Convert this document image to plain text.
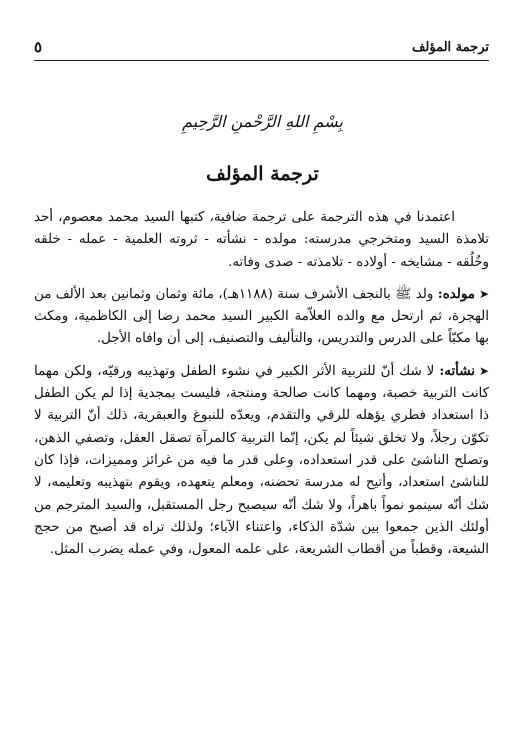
ترجمة المؤلف
٥
بِسْمِ اللهِ الرَّحْمنِ الرَّحِيمِ
ترجمة المؤلف

اعتمدنا في هذه الترجمة على ترجمة ضافية، كتبها السيد محمد معصوم، أحد تلامذة السيد ومتخرجي مدرسته: مولده - نشأته - ثروته العلمية - عمله - خلقه وخُلُقه - مشايخه - أولاده - تلامذته - صدى وفاته.

➤مولده: ولد ﷺ بالنجف الأشرف سنة (١١٨٨هـ)، مائة وثمان وثمانين بعد الألف من الهجرة، ثم ارتحل مع والده العلاّمة الكبير السيد محمد رضا إلى الكاظمية، ومكث بها مكبّاً على الدرس والتدريس، والتأليف والتصنيف، إلى أن وافاه الأجل.

➤نشأته: لا شك أنّ للتربية الأثر الكبير في نشوء الطفل وتهذيبه ورقيّه، ولكن مهما كانت التربية خصبة، ومهما كانت صالحة ومنتجة، فليست بمجدية إذا لم يكن الطفل ذا استعداد فطري يؤهله للرقي والتقدم، ويعدّه للنبوغ والعبقرية، ذلك أنّ التربية لا تكوّن رجلاً، ولا تخلق شيئاً لم يكن، إنّما التربية كالمرآة تصقل العقل، وتصفي الذهن، وتصلح الناشئ على قدر استعداده، وعلى قدر ما فيه من غرائز ومميزات، فإذا كان للناشئ استعداد، وأتيح له مدرسة تحضنه، ومعلم يتعهده، ويقوم بتهذيبه وتعليمه، لا شك أنّه سينمو نمواً باهراً، ولا شك أنّه سيصبح رجل المستقبل، والسيد المترجم من أولئك الذين جمعوا بين شدّة الذكاء، واعتناء الآباء؛ ولذلك تراه قد أصبح من حجج الشيعة، وقطباً من أقطاب الشريعة، على علمه المعول، وفي عمله يضرب المثل.
